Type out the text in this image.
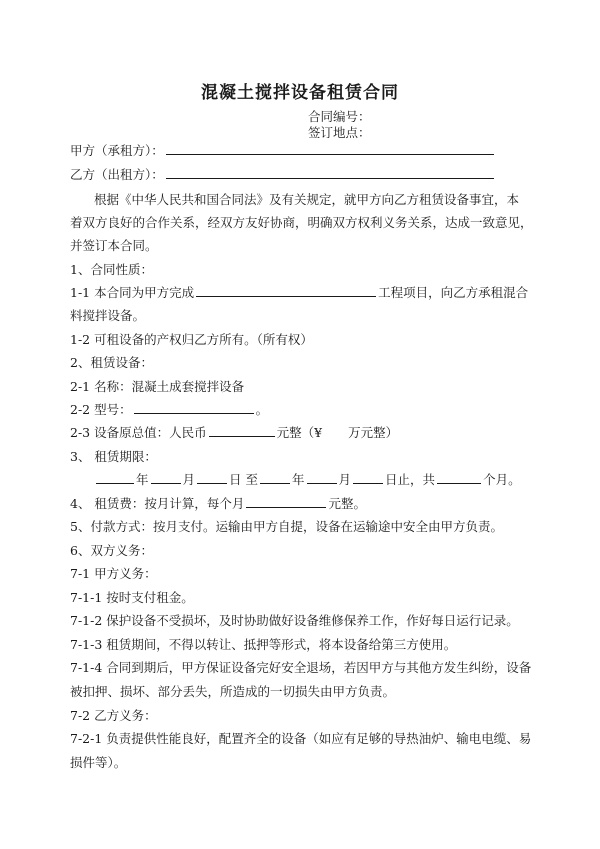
混凝土搅拌设备租赁合同
合同编号：
签订地点：
甲方（承租方）：
乙方（出租方）：
根据《中华人民共和国合同法》及有关规定，就甲方向乙方租赁设备事宜，本
着双方良好的合作关系，经双方友好协商，明确双方权利义务关系，达成一致意见，
并签订本合同。
1、合同性质：
1-1 本合同为甲方完成	工程项目，向乙方承租混合
料搅拌设备。
1-2 可租设备的产权归乙方所有。（所有权）
2、租赁设备：
2-1 名称：混凝土成套搅拌设备
2-2 型号：	。
2-3 设备原总值：人民币	元整（¥ 万元整）
3、 租赁期限：
年	月	日 至	年	月	日止，共	个月。
4、 租赁费：按月计算，每个月	元整。
5、付款方式：按月支付。运输由甲方自提，设备在运输途中安全由甲方负责。
6、双方义务：
7-1 甲方义务：
7-1-1 按时支付租金。
7-1-2 保护设备不受损坏，及时协助做好设备维修保养工作，作好每日运行记录。
7-1-3 租赁期间，不得以转让、抵押等形式，将本设备给第三方使用。
7-1-4 合同到期后，甲方保证设备完好安全退场，若因甲方与其他方发生纠纷，设备
被扣押、损坏、部分丢失，所造成的一切损失由甲方负责。
7-2 乙方义务：
7-2-1 负责提供性能良好，配置齐全的设备（如应有足够的导热油炉、输电电缆、易
损件等）。
